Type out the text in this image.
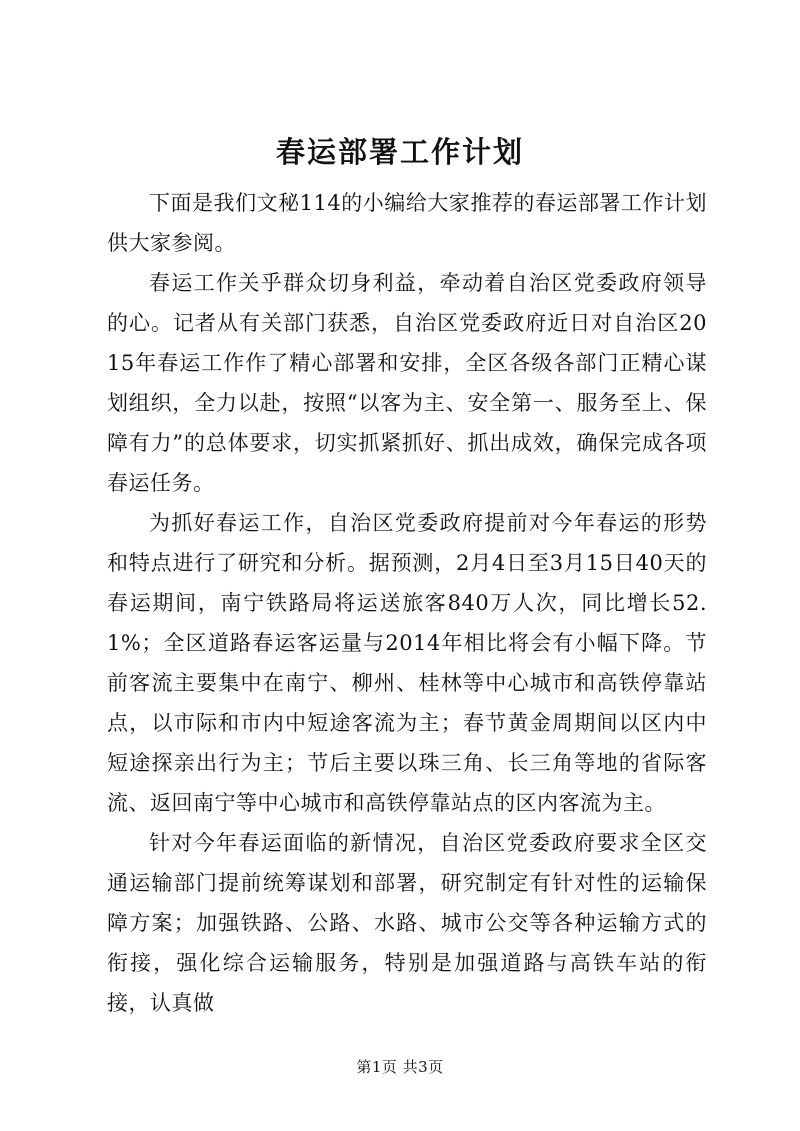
春运部署工作计划

下面是我们文秘114的小编给大家推荐的春运部署工作计划供大家参阅。

春运工作关乎群众切身利益，牵动着自治区党委政府领导的心。记者从有关部门获悉，自治区党委政府近日对自治区2015年春运工作作了精心部署和安排，全区各级各部门正精心谋划组织，全力以赴，按照“以客为主、安全第一、服务至上、保障有力”的总体要求，切实抓紧抓好、抓出成效，确保完成各项春运任务。

为抓好春运工作，自治区党委政府提前对今年春运的形势和特点进行了研究和分析。据预测，2月4日至3月15日40天的春运期间，南宁铁路局将运送旅客840万人次，同比增长52.1%；全区道路春运客运量与2014年相比将会有小幅下降。节前客流主要集中在南宁、柳州、桂林等中心城市和高铁停靠站点，以市际和市内中短途客流为主；春节黄金周期间以区内中短途探亲出行为主；节后主要以珠三角、长三角等地的省际客流、返回南宁等中心城市和高铁停靠站点的区内客流为主。

针对今年春运面临的新情况，自治区党委政府要求全区交通运输部门提前统筹谋划和部署，研究制定有针对性的运输保障方案；加强铁路、公路、水路、城市公交等各种运输方式的衔接，强化综合运输服务，特别是加强道路与高铁车站的衔接，认真做

第1页 共3页
